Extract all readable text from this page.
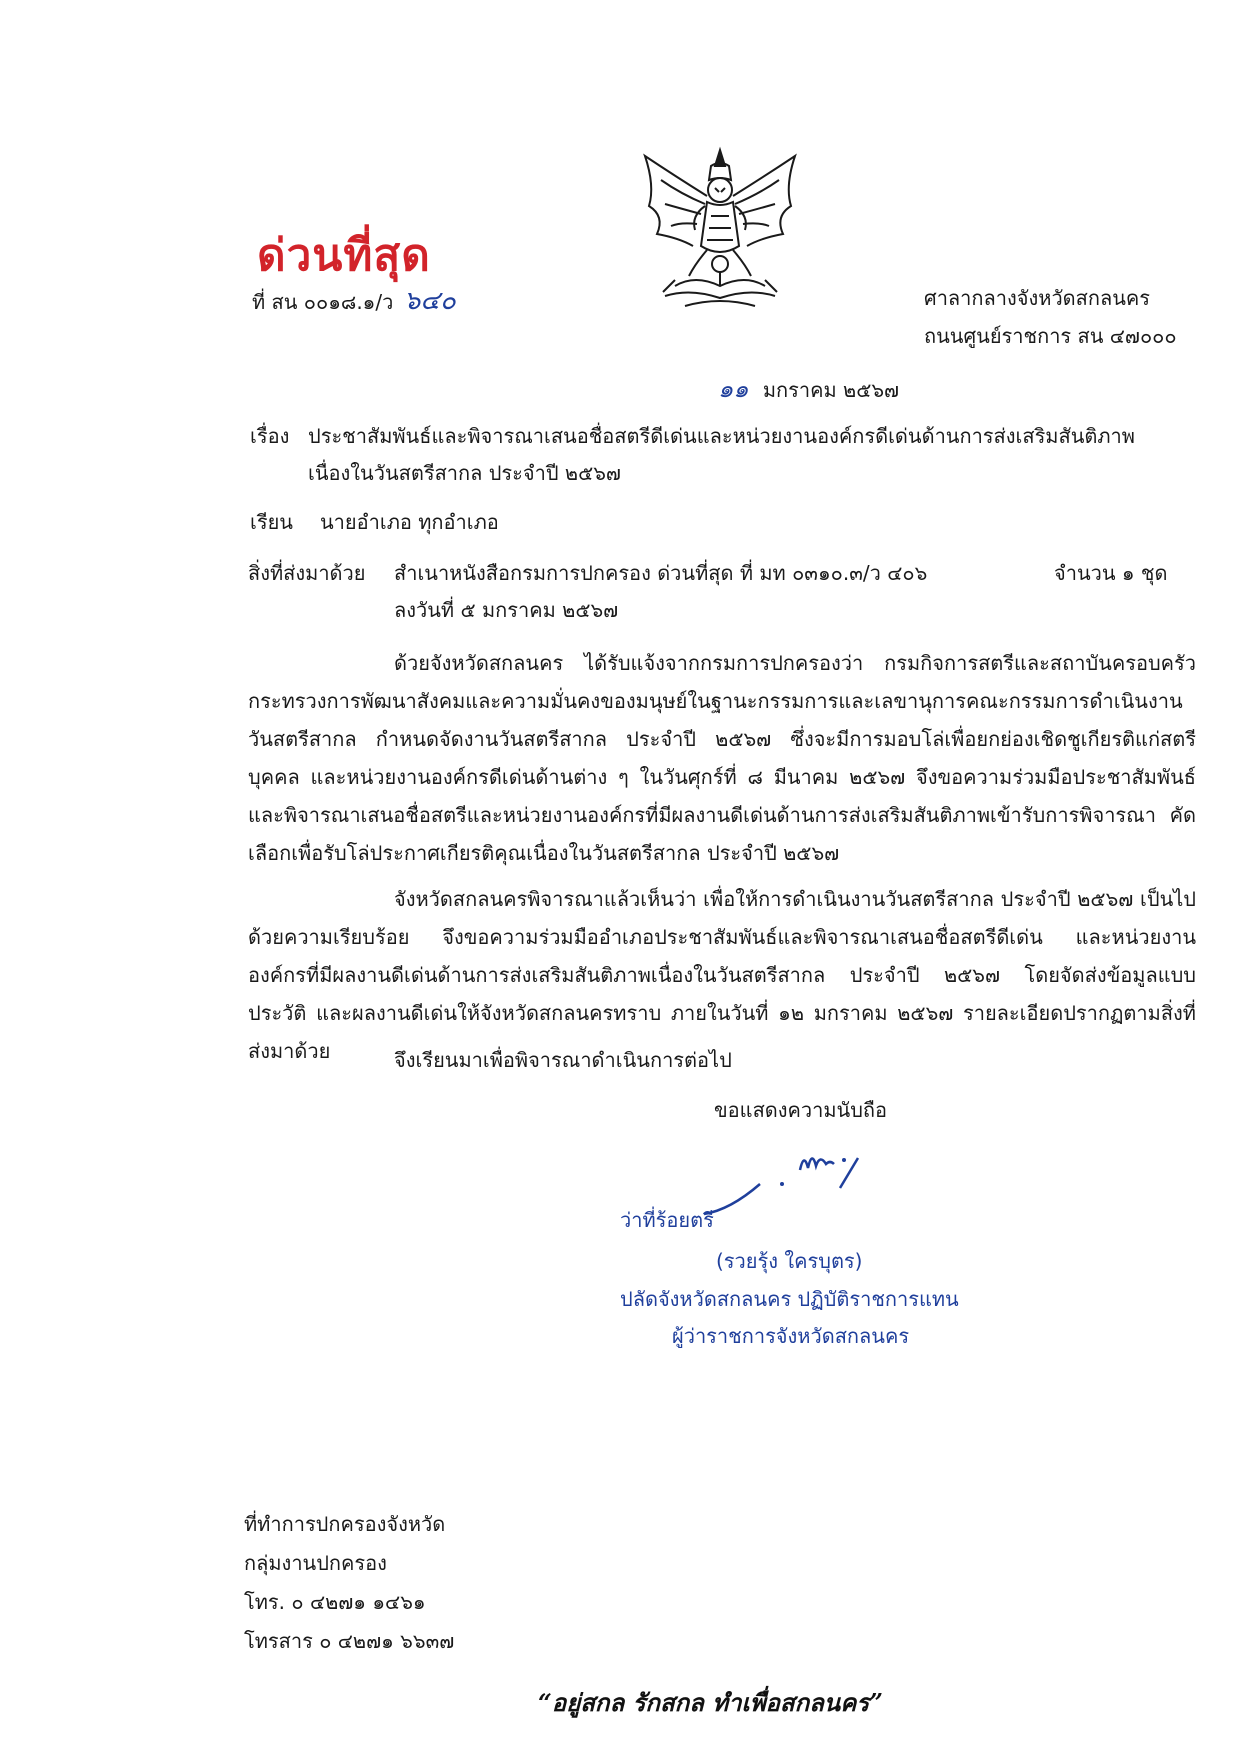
ด่วนที่สุด
ที่ สน ๐๐๑๘.๑/ว ๖๔๐	ศาลากลางจังหวัดสกลนคร
ถนนศูนย์ราชการ สน ๔๗๐๐๐
๑๑ มกราคม ๒๕๖๗
เรื่อง ประชาสัมพันธ์และพิจารณาเสนอชื่อสตรีดีเด่นและหน่วยงานองค์กรดีเด่นด้านการส่งเสริมสันติภาพ
เนื่องในวันสตรีสากล ประจำปี ๒๕๖๗
เรียน นายอำเภอ ทุกอำเภอ
สิ่งที่ส่งมาด้วย สำเนาหนังสือกรมการปกครอง ด่วนที่สุด ที่ มท ๐๓๑๐.๓/ว ๔๐๖	จำนวน ๑ ชุด
ลงวันที่ ๕ มกราคม ๒๕๖๗
ด้วยจังหวัดสกลนคร ได้รับแจ้งจากกรมการปกครองว่า กรมกิจการสตรีและสถาบันครอบครัว กระทรวงการพัฒนาสังคมและความมั่นคงของมนุษย์ในฐานะกรรมการและเลขานุการคณะกรรมการดำเนินงาน วันสตรีสากล กำหนดจัดงานวันสตรีสากล ประจำปี ๒๕๖๗ ซึ่งจะมีการมอบโล่เพื่อยกย่องเชิดชูเกียรติแก่สตรี บุคคล และหน่วยงานองค์กรดีเด่นด้านต่าง ๆ ในวันศุกร์ที่ ๘ มีนาคม ๒๕๖๗ จึงขอความร่วมมือประชาสัมพันธ์ และพิจารณาเสนอชื่อสตรีและหน่วยงานองค์กรที่มีผลงานดีเด่นด้านการส่งเสริมสันติภาพเข้ารับการพิจารณา คัดเลือกเพื่อรับโล่ประกาศเกียรติคุณเนื่องในวันสตรีสากล ประจำปี ๒๕๖๗
จังหวัดสกลนครพิจารณาแล้วเห็นว่า เพื่อให้การดำเนินงานวันสตรีสากล ประจำปี ๒๕๖๗ เป็นไปด้วยความเรียบร้อย จึงขอความร่วมมืออำเภอประชาสัมพันธ์และพิจารณาเสนอชื่อสตรีดีเด่น และหน่วยงาน องค์กรที่มีผลงานดีเด่นด้านการส่งเสริมสันติภาพเนื่องในวันสตรีสากล ประจำปี ๒๕๖๗ โดยจัดส่งข้อมูลแบบประวัติ และผลงานดีเด่นให้จังหวัดสกลนครทราบ ภายในวันที่ ๑๒ มกราคม ๒๕๖๗ รายละเอียดปรากฏตามสิ่งที่ส่งมาด้วย	จึงเรียนมาเพื่อพิจารณาดำเนินการต่อไป
ขอแสดงความนับถือ
ว่าที่ร้อยตรี
(รวยรุ้ง ใครบุตร)
ปลัดจังหวัดสกลนคร ปฏิบัติราชการแทน
ผู้ว่าราชการจังหวัดสกลนคร
ที่ทำการปกครองจังหวัด
กลุ่มงานปกครอง
โทร. ๐ ๔๒๗๑ ๑๔๖๑
โทรสาร ๐ ๔๒๗๑ ๖๖๓๗
“อยู่สกล รักสกล ทำเพื่อสกลนคร”
